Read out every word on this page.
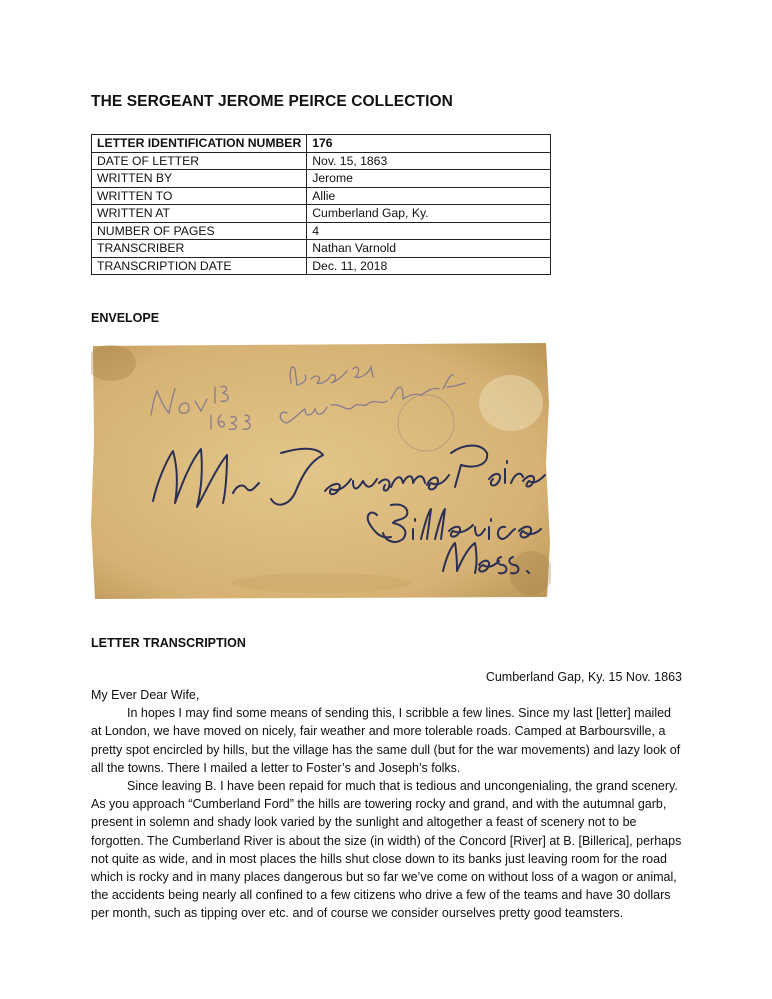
THE SERGEANT JEROME PEIRCE COLLECTION
LETTER IDENTIFICATION NUMBER	176
DATE OF LETTER	Nov. 15, 1863
WRITTEN BY	Jerome
WRITTEN TO	Allie
WRITTEN AT	Cumberland Gap, Ky.
NUMBER OF PAGES	4
TRANSCRIBER	Nathan Varnold
TRANSCRIPTION DATE	Dec. 11, 2018
ENVELOPE
LETTER TRANSCRIPTION
Cumberland Gap, Ky. 15 Nov. 1863

My Ever Dear Wife,

In hopes I may find some means of sending this, I scribble a few lines. Since my last [letter] mailed at London, we have moved on nicely, fair weather and more tolerable roads. Camped at Barboursville, a pretty spot encircled by hills, but the village has the same dull (but for the war movements) and lazy look of all the towns. There I mailed a letter to Foster’s and Joseph’s folks.

Since leaving B. I have been repaid for much that is tedious and uncongenialing, the grand scenery. As you approach “Cumberland Ford” the hills are towering rocky and grand, and with the autumnal garb, present in solemn and shady look varied by the sunlight and altogether a feast of scenery not to be forgotten. The Cumberland River is about the size (in width) of the Concord [River] at B. [Billerica], perhaps not quite as wide, and in most places the hills shut close down to its banks just leaving room for the road which is rocky and in many places dangerous but so far we’ve come on without loss of a wagon or animal, the accidents being nearly all confined to a few citizens who drive a few of the teams and have 30 dollars per month, such as tipping over etc. and of course we consider ourselves pretty good teamsters.
